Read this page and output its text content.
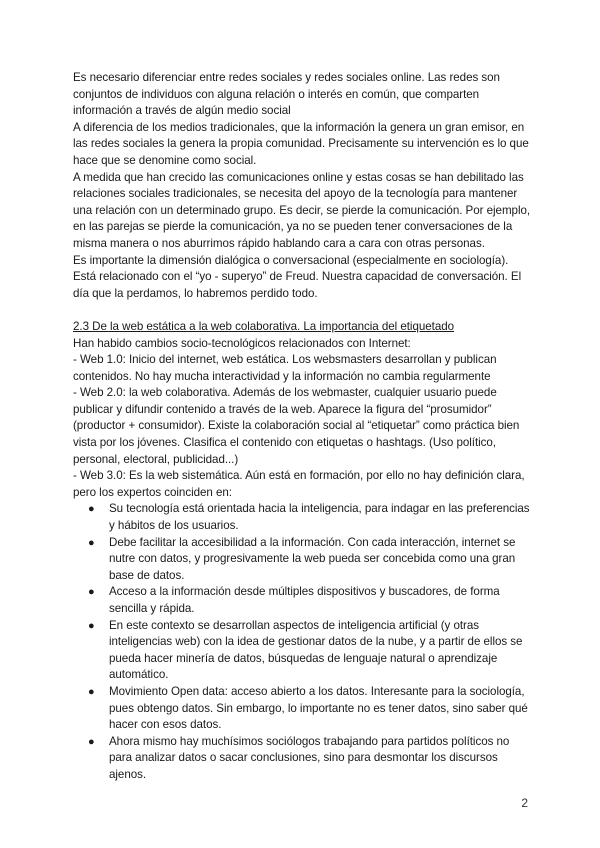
Es necesario diferenciar entre redes sociales y redes sociales online. Las redes son conjuntos de individuos con alguna relación o interés en común, que comparten información a través de algún medio social

A diferencia de los medios tradicionales, que la información la genera un gran emisor, en las redes sociales la genera la propia comunidad. Precisamente su intervención es lo que hace que se denomine como social.

A medida que han crecido las comunicaciones online y estas cosas se han debilitado las relaciones sociales tradicionales, se necesita del apoyo de la tecnología para mantener una relación con un determinado grupo. Es decir, se pierde la comunicación. Por ejemplo, en las parejas se pierde la comunicación, ya no se pueden tener conversaciones de la misma manera o nos aburrimos rápido hablando cara a cara con otras personas.

Es importante la dimensión dialógica o conversacional (especialmente en sociología). Está relacionado con el “yo - superyo” de Freud. Nuestra capacidad de conversación. El día que la perdamos, lo habremos perdido todo.

2.3 De la web estática a la web colaborativa. La importancia del etiquetado

Han habido cambios socio-tecnológicos relacionados con Internet:

- Web 1.0: Inicio del internet, web estática. Los websmasters desarrollan y publican contenidos. No hay mucha interactividad y la información no cambia regularmente

- Web 2.0: la web colaborativa. Además de los webmaster, cualquier usuario puede publicar y difundir contenido a través de la web. Aparece la figura del “prosumidor” (productor + consumidor). Existe la colaboración social al “etiquetar” como práctica bien vista por los jóvenes. Clasifica el contenido con etiquetas o hashtags. (Uso político, personal, electoral, publicidad...)

- Web 3.0: Es la web sistemática. Aún está en formación, por ello no hay definición clara, pero los expertos coinciden en:

● Su tecnología está orientada hacia la inteligencia, para indagar en las preferencias y hábitos de los usuarios.
● Debe facilitar la accesibilidad a la información. Con cada interacción, internet se nutre con datos, y progresivamente la web pueda ser concebida como una gran base de datos.
● Acceso a la información desde múltiples dispositivos y buscadores, de forma sencilla y rápida.
● En este contexto se desarrollan aspectos de inteligencia artificial (y otras inteligencias web) con la idea de gestionar datos de la nube, y a partir de ellos se pueda hacer minería de datos, búsquedas de lenguaje natural o aprendizaje automático.
● Movimiento Open data: acceso abierto a los datos. Interesante para la sociología, pues obtengo datos. Sin embargo, lo importante no es tener datos, sino saber qué hacer con esos datos.
● Ahora mismo hay muchísimos sociólogos trabajando para partidos políticos no para analizar datos o sacar conclusiones, sino para desmontar los discursos ajenos.
2
